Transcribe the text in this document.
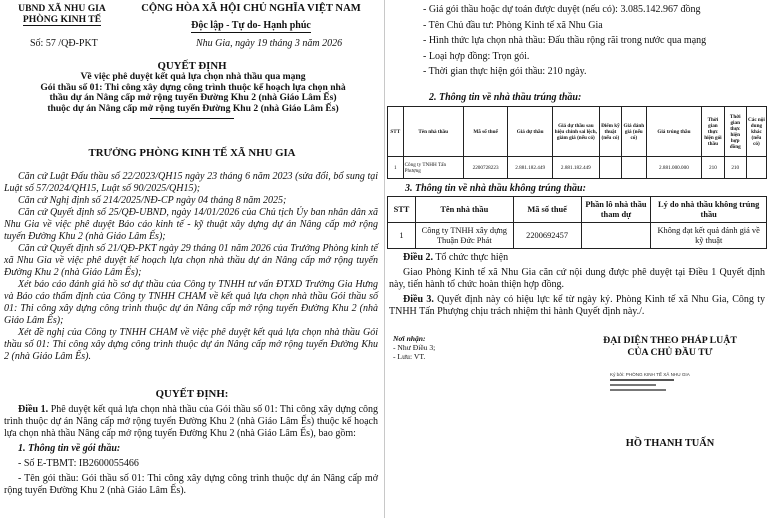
UBND XÃ NHU GIA
PHÒNG KINH TẾ
CỘNG HÒA XÃ HỘI CHỦ NGHĨA VIỆT NAM
Độc lập - Tự do- Hạnh phúc
Số: 57 /QĐ-PKT	Nhu Gia, ngày 19 tháng 3 năm 2026
QUYẾT ĐỊNH
Về việc phê duyệt kết quả lựa chọn nhà thầu qua mạng
Gói thầu số 01: Thi công xây dựng công trình thuộc kế hoạch lựa chọn nhà
thầu dự án Nâng cấp mở rộng tuyến Đường Khu 2 (nhà Giáo Lâm Ếs)
thuộc dự án Nâng cấp mở rộng tuyến Đường Khu 2 (nhà Giáo Lâm Ếs)
TRƯỞNG PHÒNG KINH TẾ XÃ NHU GIA

Căn cứ Luật Đấu thầu số 22/2023/QH15 ngày 23 tháng 6 năm 2023 (sửa đổi, bổ sung tại Luật số 57/2024/QH15, Luật số 90/2025/QH15);

Căn cứ Nghị định số 214/2025/NĐ-CP ngày 04 tháng 8 năm 2025;

Căn cứ Quyết định số 25/QĐ-UBND, ngày 14/01/2026 của Chủ tịch Ủy ban nhân dân xã Nhu Gia về việc phê duyệt Báo cáo kinh tế - kỹ thuật xây dựng dự án Nâng cấp mở rộng tuyến Đường Khu 2 (nhà Giáo Lâm Ếs);

Căn cứ Quyết định số 21/QĐ-PKT ngày 29 tháng 01 năm 2026 của Trưởng Phòng kinh tế xã Nhu Gia về việc phê duyệt kế hoạch lựa chọn nhà thầu dự án Nâng cấp mở rộng tuyến Đường Khu 2 (nhà Giáo Lâm Ếs);

Xét báo cáo đánh giá hồ sơ dự thầu của Công ty TNHH tư vấn ĐTXD Trường Gia Hưng và Báo cáo thẩm định của Công ty TNHH CHAM về kết quả lựa chọn nhà thầu Gói thầu số 01: Thi công xây dựng công trình thuộc dự án Nâng cấp mở rộng tuyến Đường Khu 2 (nhà Giáo Lâm Ếs);

Xét đề nghị của Công ty TNHH CHAM về việc phê duyệt kết quả lựa chọn nhà thầu Gói thầu số 01: Thi công xây dựng công trình thuộc dự án Nâng cấp mở rộng tuyến Đường Khu 2 (nhà Giáo Lâm Ếs).

QUYẾT ĐỊNH:

Điều 1. Phê duyệt kết quả lựa chọn nhà thầu của Gói thầu số 01: Thi công xây dựng công trình thuộc dự án Nâng cấp mở rộng tuyến Đường Khu 2 (nhà Giáo Lâm Ếs) thuộc kế hoạch lựa chọn nhà thầu Nâng cấp mở rộng tuyến Đường Khu 2 (nhà Giáo Lâm Ếs), bao gồm:

1. Thông tin về gói thầu:

- Số E-TBMT: IB2600055466

- Tên gói thầu: Gói thầu số 01: Thi công xây dựng công trình thuộc dự án Nâng cấp mở rộng tuyến Đường Khu 2 (nhà Giáo Lâm Ếs).

- Giá gói thầu hoặc dự toán được duyệt (nếu có): 3.085.142.967 đồng
- Tên Chủ đầu tư: Phòng Kinh tế xã Nhu Gia
- Hình thức lựa chọn nhà thầu: Đấu thầu rộng rãi trong nước qua mạng
- Loại hợp đồng: Trọn gói.
- Thời gian thực hiện gói thầu: 210 ngày.
2. Thông tin về nhà thầu trúng thầu:
STT	Tên nhà thầu	Mã số thuế	Giá dự thầu	Giá dự thầu sau hiệu chỉnh sai lệch, giảm giá (nếu có)	Điểm kỹ thuật (nếu có)	Giá đánh giá (nếu có)	Giá trúng thầu	Thời gian thực hiện gói thầu	Thời gian thực hiện hợp đồng	Các nội dung khác (nếu có)
1	Công ty TNHH Tấn Phượng	2200728223	2.881.182.449	2.881.182.449			2.881.000.000	210	210	
3. Thông tin về nhà thầu không trúng thầu:
STT	Tên nhà thầu	Mã số thuế	Phần lô nhà thầu tham dự	Lý do nhà thầu không trúng thầu
1	Công ty TNHH xây dựng Thuận Đức Phát	2200692457		Không đạt kết quả đánh giá về kỹ thuật

Điều 2. Tổ chức thực hiện

Giao Phòng Kinh tế xã Nhu Gia căn cứ nội dung được phê duyệt tại Điều 1 Quyết định này, tiến hành tổ chức hoàn thiện hợp đồng.

Điều 3. Quyết định này có hiệu lực kể từ ngày ký. Phòng Kinh tế xã Nhu Gia, Công ty TNHH Tấn Phượng chịu trách nhiệm thi hành Quyết định này./.

Nơi nhận:
- Như Điều 3;
- Lưu: VT.
ĐẠI DIỆN THEO PHÁP LUẬT
CỦA CHỦ ĐẦU TƯ
Ký bởi: PHÒNG KINH TẾ XÃ NHU GIA
HỒ THANH TUẤN
